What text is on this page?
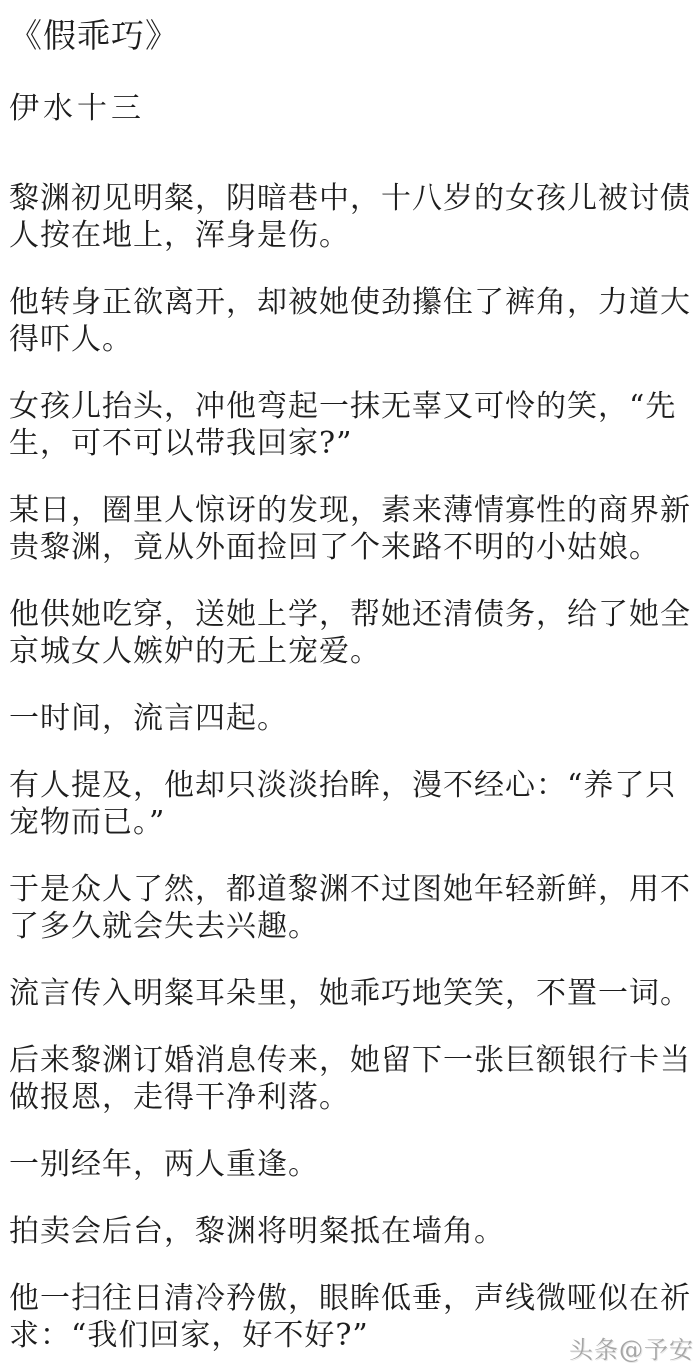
《假乖巧》
伊水十三

黎渊初见明粲，阴暗巷中，十八岁的女孩儿被讨债人按在地上，浑身是伤。

他转身正欲离开，却被她使劲攥住了裤角，力道大得吓人。

女孩儿抬头，冲他弯起一抹无辜又可怜的笑，“先生，可不可以带我回家?”

某日，圈里人惊讶的发现，素来薄情寡性的商界新贵黎渊，竟从外面捡回了个来路不明的小姑娘。

他供她吃穿，送她上学，帮她还清债务，给了她全京城女人嫉妒的无上宠爱。

一时间，流言四起。

有人提及，他却只淡淡抬眸，漫不经心：“养了只宠物而已。”

于是众人了然，都道黎渊不过图她年轻新鲜，用不了多久就会失去兴趣。

流言传入明粲耳朵里，她乖巧地笑笑，不置一词。

后来黎渊订婚消息传来，她留下一张巨额银行卡当做报恩，走得干净利落。

一别经年，两人重逢。

拍卖会后台，黎渊将明粲抵在墙角。

他一扫往日清冷矜傲，眼眸低垂，声线微哑似在祈求：“我们回家，好不好?”	头条@予安
